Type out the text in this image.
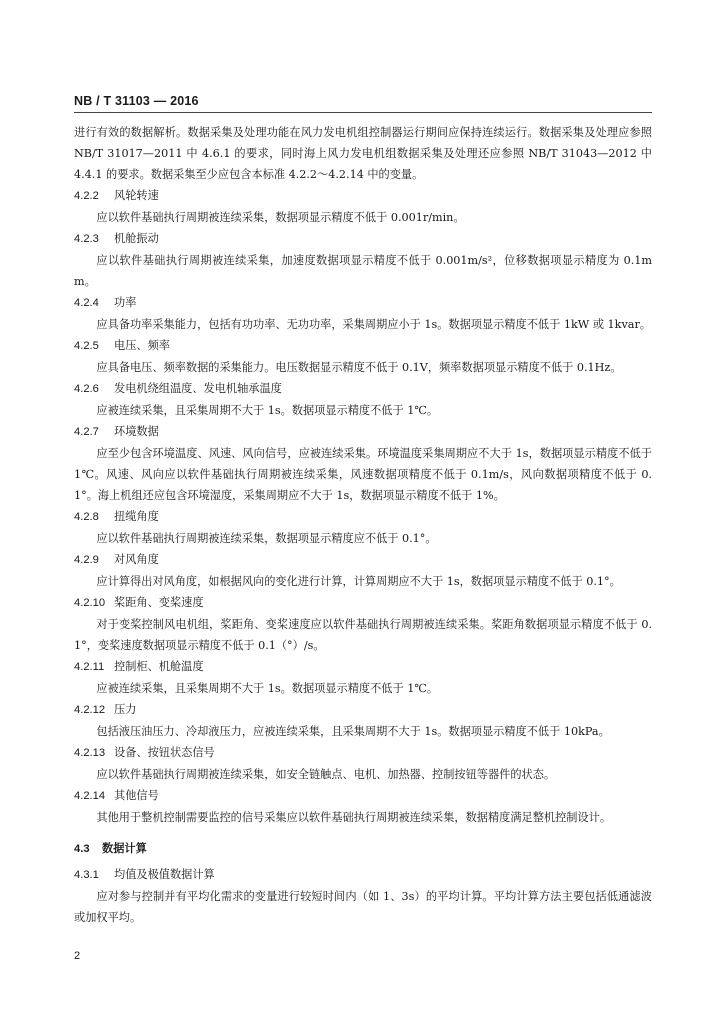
NB / T 31103 — 2016

进行有效的数据解析。数据采集及处理功能在风力发电机组控制器运行期间应保持连续运行。数据采集及处理应参照 NB/T 31017—2011 中 4.6.1 的要求，同时海上风力发电机组数据采集及处理还应参照 NB/T 31043—2012 中 4.4.1 的要求。数据采集至少应包含本标准 4.2.2～4.2.14 中的变量。

4.2.2 风轮转速

应以软件基础执行周期被连续采集，数据项显示精度不低于 0.001r/min。

4.2.3 机舱振动

应以软件基础执行周期被连续采集，加速度数据项显示精度不低于 0.001m/s²，位移数据项显示精度为 0.1mm。

4.2.4 功率

应具备功率采集能力，包括有功功率、无功功率，采集周期应小于 1s。数据项显示精度不低于 1kW 或 1kvar。

4.2.5 电压、频率

应具备电压、频率数据的采集能力。电压数据显示精度不低于 0.1V，频率数据项显示精度不低于 0.1Hz。

4.2.6 发电机绕组温度、发电机轴承温度

应被连续采集，且采集周期不大于 1s。数据项显示精度不低于 1℃。

4.2.7 环境数据

应至少包含环境温度、风速、风向信号，应被连续采集。环境温度采集周期应不大于 1s，数据项显示精度不低于 1℃。风速、风向应以软件基础执行周期被连续采集，风速数据项精度不低于 0.1m/s，风向数据项精度不低于 0.1°。海上机组还应包含环境湿度，采集周期应不大于 1s，数据项显示精度不低于 1%。

4.2.8 扭缆角度

应以软件基础执行周期被连续采集，数据项显示精度应不低于 0.1°。

4.2.9 对风角度

应计算得出对风角度，如根据风向的变化进行计算，计算周期应不大于 1s，数据项显示精度不低于 0.1°。

4.2.10 桨距角、变桨速度

对于变桨控制风电机组，桨距角、变桨速度应以软件基础执行周期被连续采集。桨距角数据项显示精度不低于 0.1°，变桨速度数据项显示精度不低于 0.1（°）/s。

4.2.11 控制柜、机舱温度

应被连续采集，且采集周期不大于 1s。数据项显示精度不低于 1℃。

4.2.12 压力

包括液压油压力、冷却液压力，应被连续采集，且采集周期不大于 1s。数据项显示精度不低于 10kPa。

4.2.13 设备、按钮状态信号

应以软件基础执行周期被连续采集，如安全链触点、电机、加热器、控制按钮等器件的状态。

4.2.14 其他信号

其他用于整机控制需要监控的信号采集应以软件基础执行周期被连续采集，数据精度满足整机控制设计。

4.3 数据计算

4.3.1 均值及极值数据计算

应对参与控制并有平均化需求的变量进行较短时间内（如 1、3s）的平均计算。平均计算方法主要包括低通滤波或加权平均。

2
